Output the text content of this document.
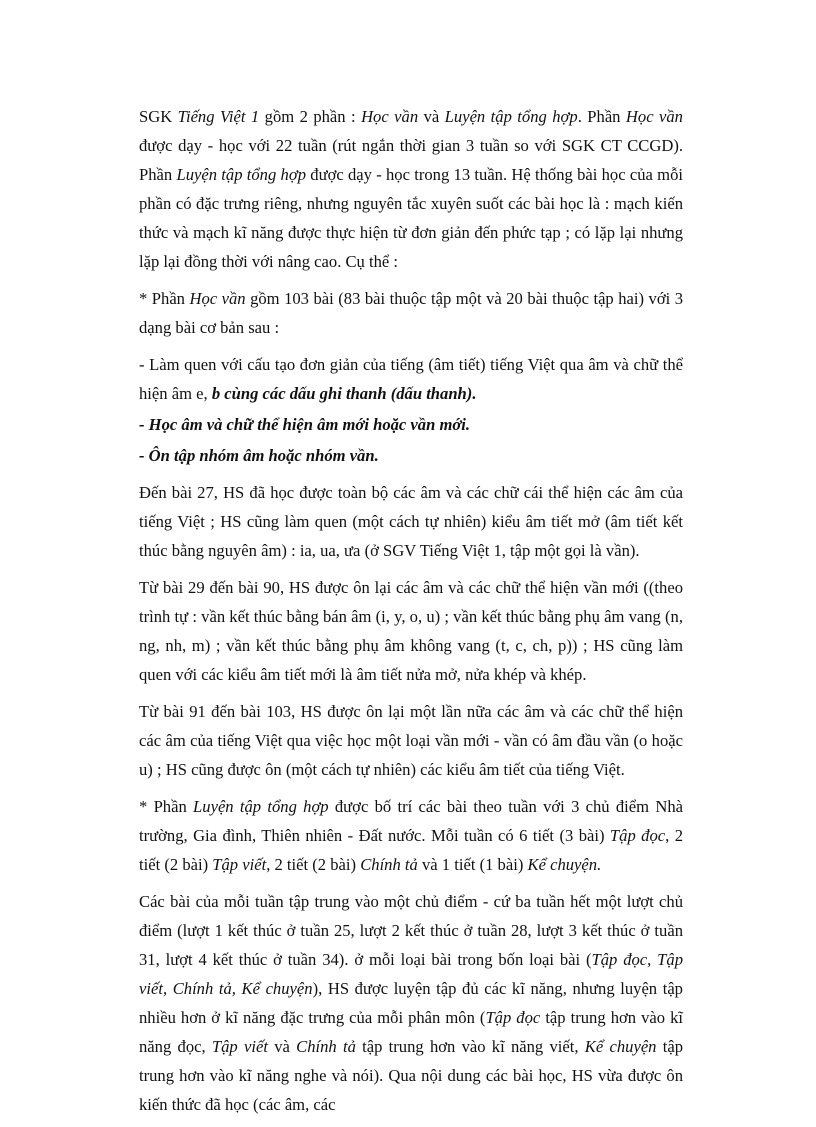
SGK Tiếng Việt 1 gồm 2 phần : Học vần và Luyện tập tổng hợp. Phần Học vần được dạy - học với 22 tuần (rút ngắn thời gian 3 tuần so với SGK CT CCGD). Phần Luyện tập tổng hợp được dạy - học trong 13 tuần. Hệ thống bài học của mỗi phần có đặc trưng riêng, nhưng nguyên tắc xuyên suốt các bài học là : mạch kiến thức và mạch kĩ năng được thực hiện từ đơn giản đến phức tạp ; có lặp lại nhưng lặp lại đồng thời với nâng cao. Cụ thể :

* Phần Học vần gồm 103 bài (83 bài thuộc tập một và 20 bài thuộc tập hai) với 3 dạng bài cơ bản sau :

- Làm quen với cấu tạo đơn giản của tiếng (âm tiết) tiếng Việt qua âm và chữ thể hiện âm e, b cùng các dấu ghi thanh (dấu thanh).

- Học âm và chữ thể hiện âm mới hoặc vần mới.

- Ôn tập nhóm âm hoặc nhóm vần.

Đến bài 27, HS đã học được toàn bộ các âm và các chữ cái thể hiện các âm của tiếng Việt ; HS cũng làm quen (một cách tự nhiên) kiểu âm tiết mở (âm tiết kết thúc bằng nguyên âm) : ia, ua, ưa (ở SGV Tiếng Việt 1, tập một gọi là vần).

Từ bài 29 đến bài 90, HS được ôn lại các âm và các chữ thể hiện vần mới ((theo trình tự : vần kết thúc bằng bán âm (i, y, o, u) ; vần kết thúc bằng phụ âm vang (n, ng, nh, m) ; vần kết thúc bằng phụ âm không vang (t, c, ch, p)) ; HS cũng làm quen với các kiểu âm tiết mới là âm tiết nửa mở, nửa khép và khép.

Từ bài 91 đến bài 103, HS được ôn lại một lần nữa các âm và các chữ thể hiện các âm của tiếng Việt qua việc học một loại vần mới - vần có âm đầu vần (o hoặc u) ; HS cũng được ôn (một cách tự nhiên) các kiểu âm tiết của tiếng Việt.

* Phần Luyện tập tổng hợp được bố trí các bài theo tuần với 3 chủ điểm Nhà trường, Gia đình, Thiên nhiên - Đất nước. Mỗi tuần có 6 tiết (3 bài) Tập đọc, 2 tiết (2 bài) Tập viết, 2 tiết (2 bài) Chính tả và 1 tiết (1 bài) Kể chuyện.

Các bài của mỗi tuần tập trung vào một chủ điểm - cứ ba tuần hết một lượt chủ điểm (lượt 1 kết thúc ở tuần 25, lượt 2 kết thúc ở tuần 28, lượt 3 kết thúc ở tuần 31, lượt 4 kết thúc ở tuần 34). ở mỗi loại bài trong bốn loại bài (Tập đọc, Tập viết, Chính tả, Kể chuyện), HS được luyện tập đủ các kĩ năng, nhưng luyện tập nhiều hơn ở kĩ năng đặc trưng của mỗi phân môn (Tập đọc tập trung hơn vào kĩ năng đọc, Tập viết và Chính tả tập trung hơn vào kĩ năng viết, Kể chuyện tập trung hơn vào kĩ năng nghe và nói). Qua nội dung các bài học, HS vừa được ôn kiến thức đã học (các âm, các
